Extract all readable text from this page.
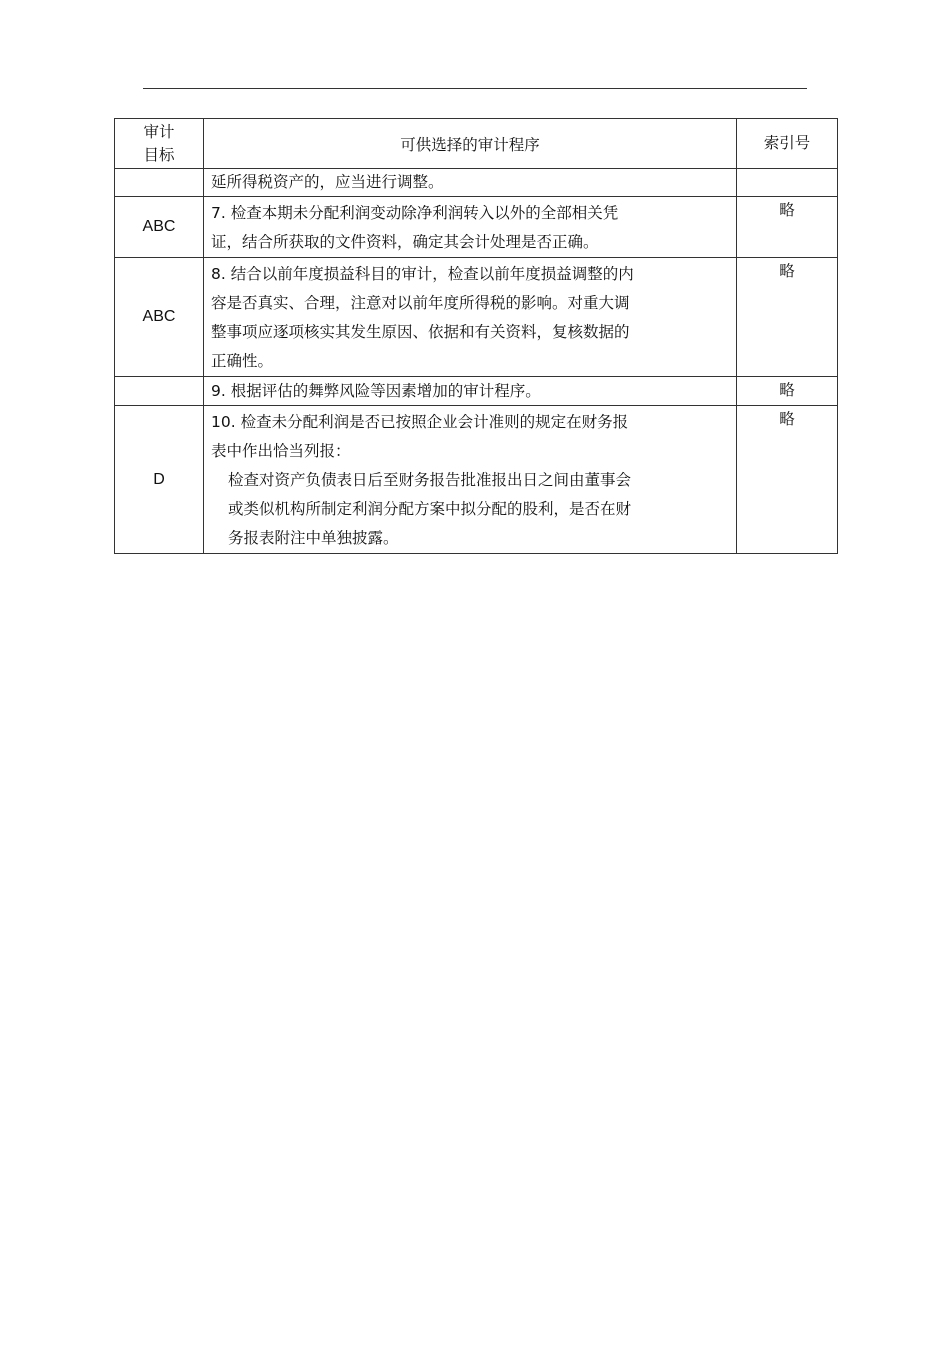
审计
目标	可供选择的审计程序	索引号

	延所得税资产的，应当进行调整。	

ABC	7. 检查本期未分配利润变动除净利润转入以外的全部相关凭
证，结合所获取的文件资料，确定其会计处理是否正确。	略
ABC	8. 结合以前年度损益科目的审计，检查以前年度损益调整的内
容是否真实、合理，注意对以前年度所得税的影响。对重大调
整事项应逐项核实其发生原因、依据和有关资料，复核数据的
正确性。	略

	9. 根据评估的舞弊风险等因素增加的审计程序。	略
D	10. 检查未分配利润是否已按照企业会计准则的规定在财务报
表中作出恰当列报：
检查对资产负债表日后至财务报告批准报出日之间由董事会
或类似机构所制定利润分配方案中拟分配的股利，是否在财
务报表附注中单独披露。	略
